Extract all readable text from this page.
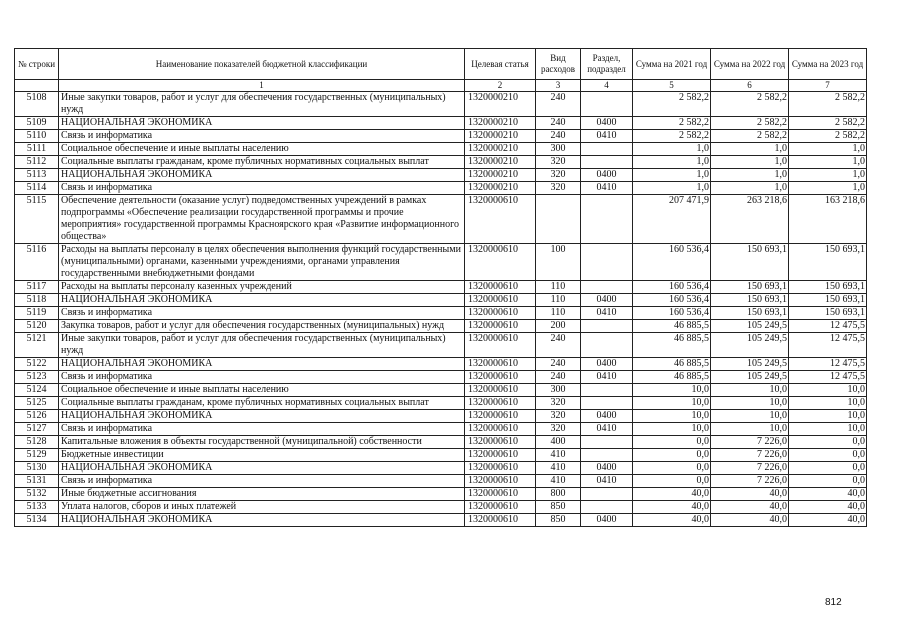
№ строки	Наименование показателей бюджетной классификации	Целевая статья	Вид расходов	Раздел, подраздел	Сумма на 2021 год	Сумма на 2022 год	Сумма на 2023 год
	1	2	3	4	5	6	7
5108	Иные закупки товаров, работ и услуг для обеспечения государственных (муниципальных) нужд	1320000210	240		2 582,2	2 582,2	2 582,2
5109	НАЦИОНАЛЬНАЯ ЭКОНОМИКА	1320000210	240	0400	2 582,2	2 582,2	2 582,2
5110	Связь и информатика	1320000210	240	0410	2 582,2	2 582,2	2 582,2
5111	Социальное обеспечение и иные выплаты населению	1320000210	300		1,0	1,0	1,0
5112	Социальные выплаты гражданам, кроме публичных нормативных социальных выплат	1320000210	320		1,0	1,0	1,0
5113	НАЦИОНАЛЬНАЯ ЭКОНОМИКА	1320000210	320	0400	1,0	1,0	1,0
5114	Связь и информатика	1320000210	320	0410	1,0	1,0	1,0
5115	Обеспечение деятельности (оказание услуг) подведомственных учреждений в рамках подпрограммы «Обеспечение реализации государственной программы и прочие мероприятия» государственной программы Красноярского края «Развитие информационного общества»	1320000610			207 471,9	263 218,6	163 218,6
5116	Расходы на выплаты персоналу в целях обеспечения выполнения функций государственными (муниципальными) органами, казенными учреждениями, органами управления государственными внебюджетными фондами	1320000610	100		160 536,4	150 693,1	150 693,1
5117	Расходы на выплаты персоналу казенных учреждений	1320000610	110		160 536,4	150 693,1	150 693,1
5118	НАЦИОНАЛЬНАЯ ЭКОНОМИКА	1320000610	110	0400	160 536,4	150 693,1	150 693,1
5119	Связь и информатика	1320000610	110	0410	160 536,4	150 693,1	150 693,1
5120	Закупка товаров, работ и услуг для обеспечения государственных (муниципальных) нужд	1320000610	200		46 885,5	105 249,5	12 475,5
5121	Иные закупки товаров, работ и услуг для обеспечения государственных (муниципальных) нужд	1320000610	240		46 885,5	105 249,5	12 475,5
5122	НАЦИОНАЛЬНАЯ ЭКОНОМИКА	1320000610	240	0400	46 885,5	105 249,5	12 475,5
5123	Связь и информатика	1320000610	240	0410	46 885,5	105 249,5	12 475,5
5124	Социальное обеспечение и иные выплаты населению	1320000610	300		10,0	10,0	10,0
5125	Социальные выплаты гражданам, кроме публичных нормативных социальных выплат	1320000610	320		10,0	10,0	10,0
5126	НАЦИОНАЛЬНАЯ ЭКОНОМИКА	1320000610	320	0400	10,0	10,0	10,0
5127	Связь и информатика	1320000610	320	0410	10,0	10,0	10,0
5128	Капитальные вложения в объекты государственной (муниципальной) собственности	1320000610	400		0,0	7 226,0	0,0
5129	Бюджетные инвестиции	1320000610	410		0,0	7 226,0	0,0
5130	НАЦИОНАЛЬНАЯ ЭКОНОМИКА	1320000610	410	0400	0,0	7 226,0	0,0
5131	Связь и информатика	1320000610	410	0410	0,0	7 226,0	0,0
5132	Иные бюджетные ассигнования	1320000610	800		40,0	40,0	40,0
5133	Уплата налогов, сборов и иных платежей	1320000610	850		40,0	40,0	40,0
5134	НАЦИОНАЛЬНАЯ ЭКОНОМИКА	1320000610	850	0400	40,0	40,0	40,0
812
